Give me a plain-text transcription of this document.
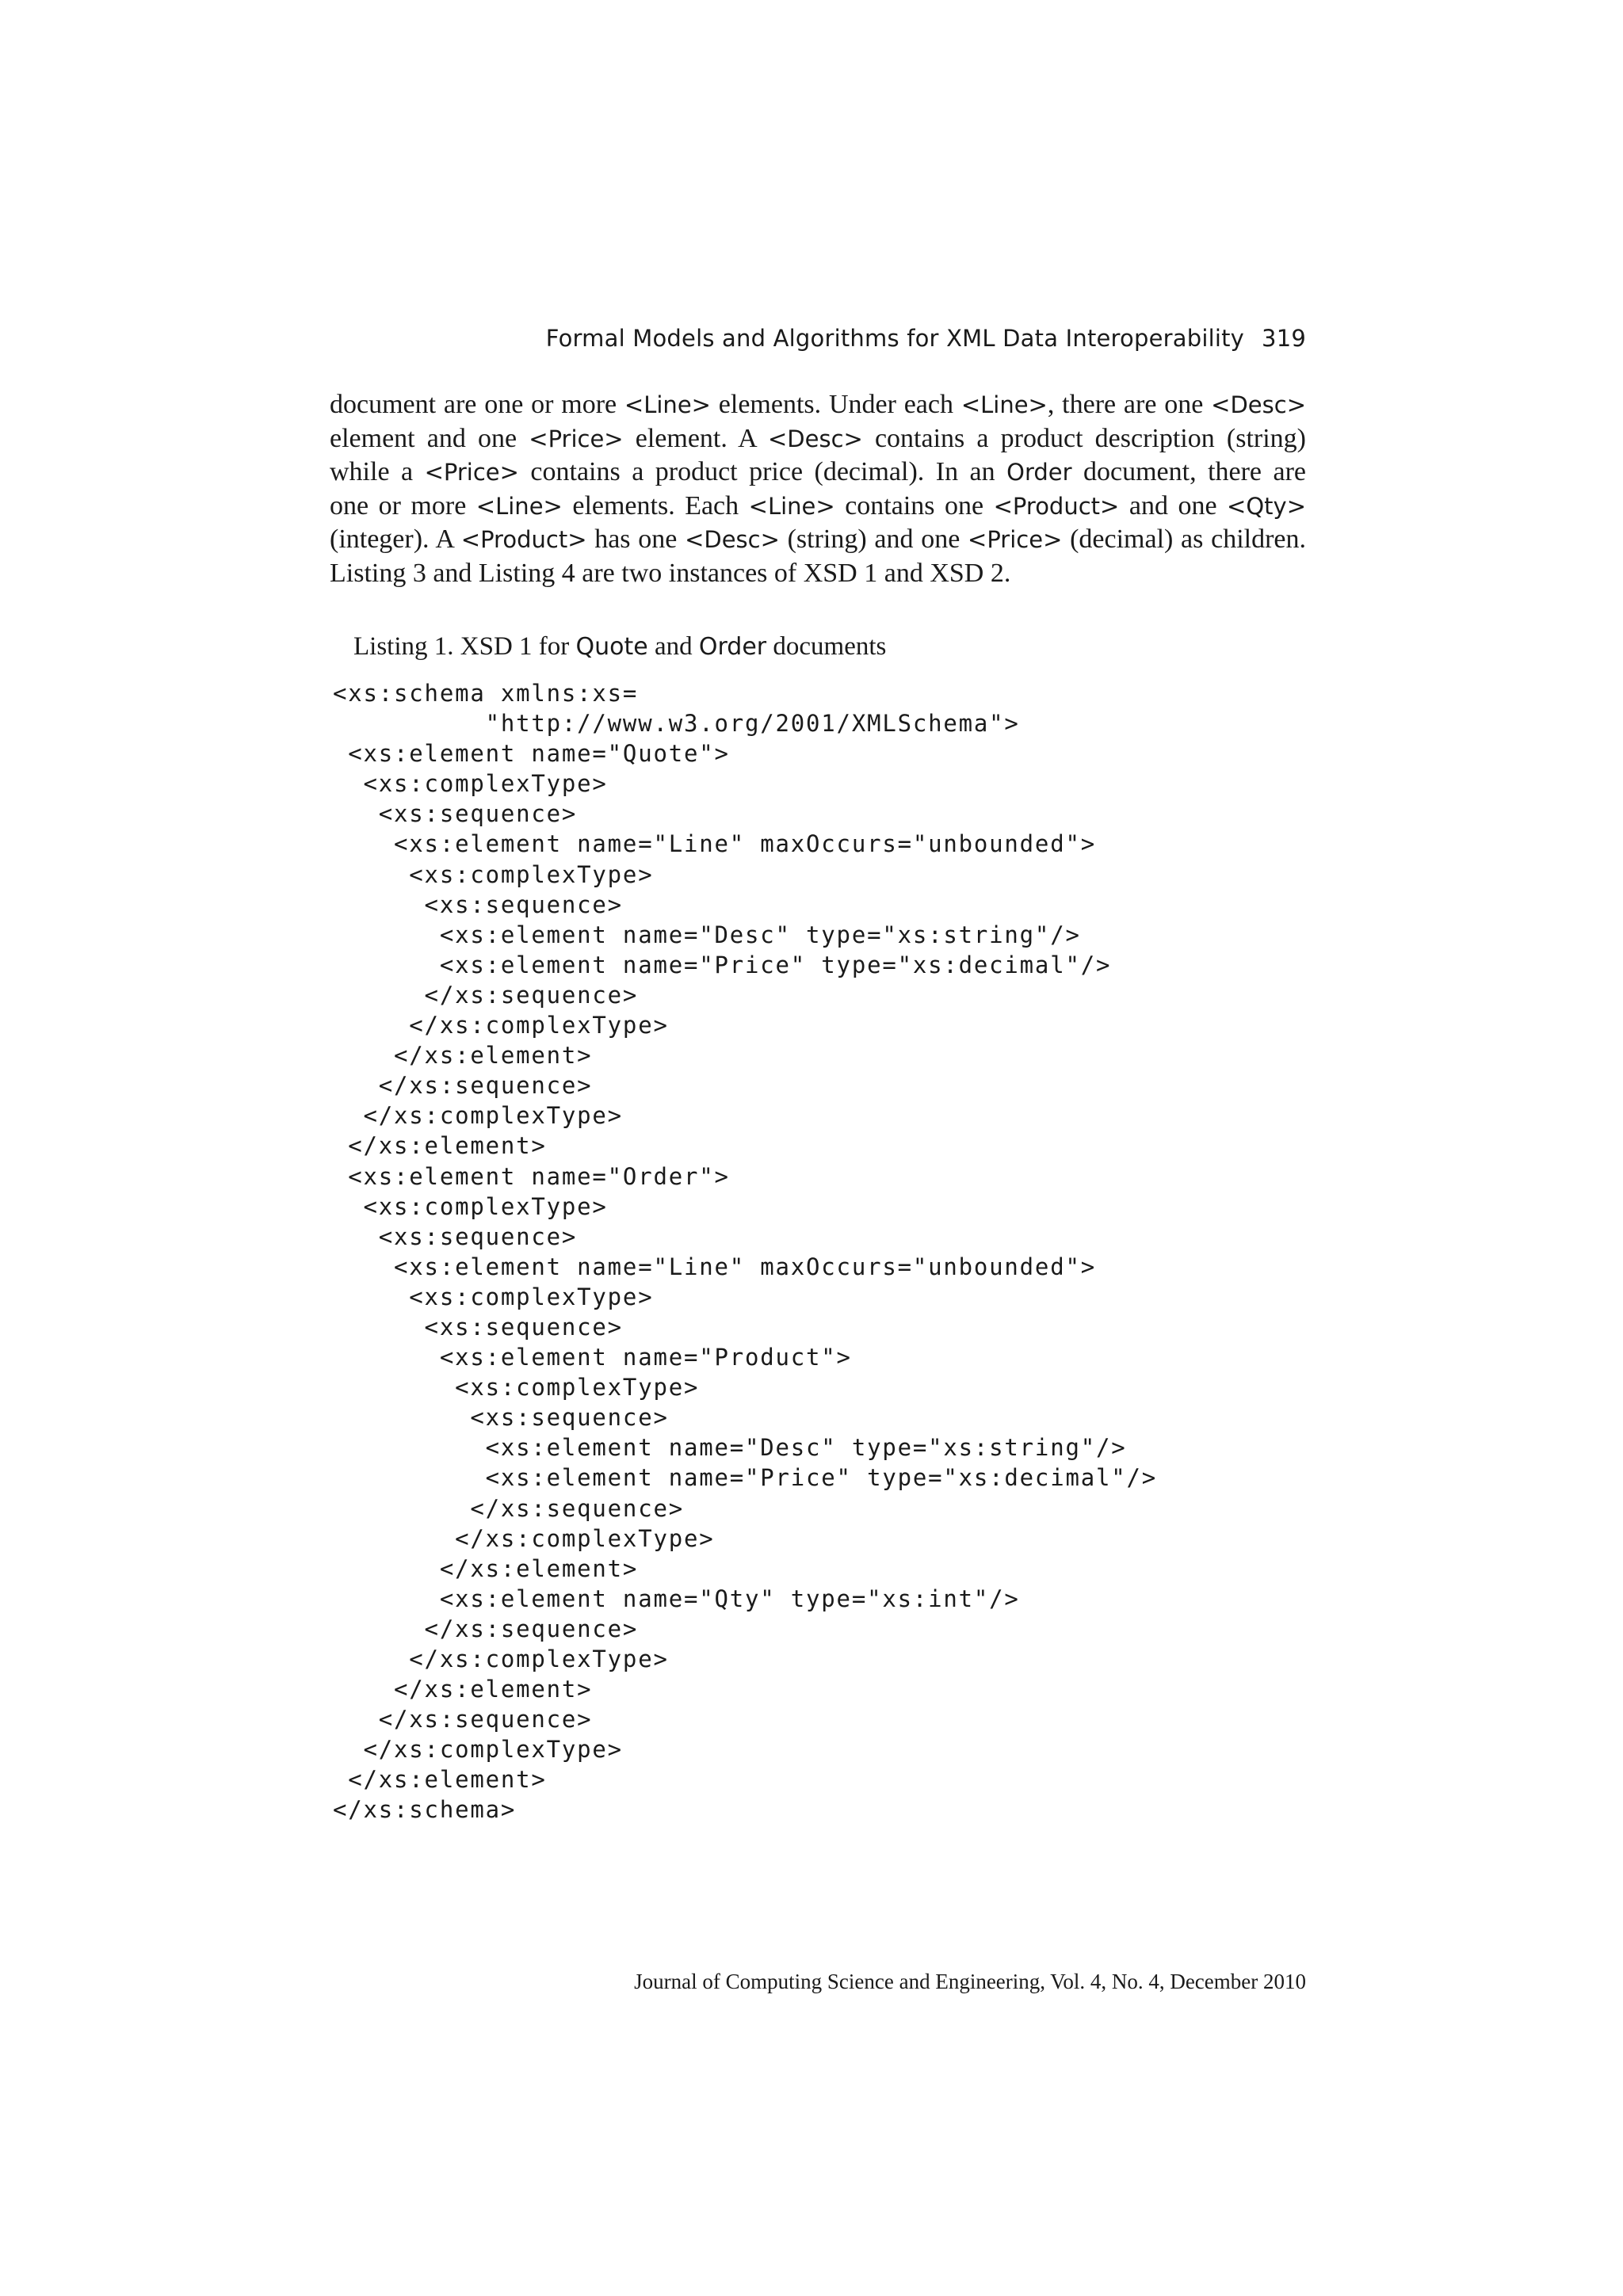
Formal Models and Algorithms for XML Data Interoperability 319
document are one or more <Line> elements. Under each <Line>, there are one <Desc>
element and one <Price> element. A <Desc> contains a product description (string)
while a <Price> contains a product price (decimal). In an Order document, there are
one or more <Line> elements. Each <Line> contains one <Product> and one <Qty>
(integer). A <Product> has one <Desc> (string) and one <Price> (decimal) as children.
Listing 3 and Listing 4 are two instances of XSD 1 and XSD 2.
Listing 1. XSD 1 for Quote and Order documents
<xs:schema xmlns:xs=
"http://www.w3.org/2001/XMLSchema">
<xs:element name="Quote">
<xs:complexType>
<xs:sequence>
<xs:element name="Line" maxOccurs="unbounded">
<xs:complexType>
<xs:sequence>
<xs:element name="Desc" type="xs:string"/>
<xs:element name="Price" type="xs:decimal"/>
</xs:sequence>
</xs:complexType>
</xs:element>
</xs:sequence>
</xs:complexType>
</xs:element>
<xs:element name="Order">
<xs:complexType>
<xs:sequence>
<xs:element name="Line" maxOccurs="unbounded">
<xs:complexType>
<xs:sequence>
<xs:element name="Product">
<xs:complexType>
<xs:sequence>
<xs:element name="Desc" type="xs:string"/>
<xs:element name="Price" type="xs:decimal"/>
</xs:sequence>
</xs:complexType>
</xs:element>
<xs:element name="Qty" type="xs:int"/>
</xs:sequence>
</xs:complexType>
</xs:element>
</xs:sequence>
</xs:complexType>
</xs:element>
</xs:schema>
Journal of Computing Science and Engineering, Vol. 4, No. 4, December 2010
